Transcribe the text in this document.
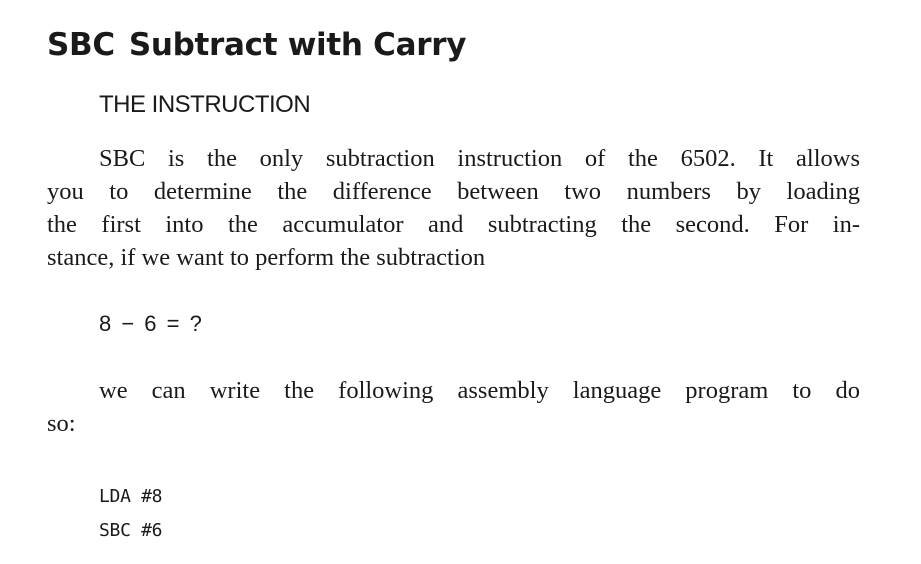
SBC Subtract with Carry
THE INSTRUCTION

SBC is the only subtraction instruction of the 6502. It allows
you to determine the difference between two numbers by loading
the first into the accumulator and subtracting the second. For in-
stance, if we want to perform the subtraction

8 − 6 = ?

we can write the following assembly language program to do
so:

LDA #8
SBC #6
